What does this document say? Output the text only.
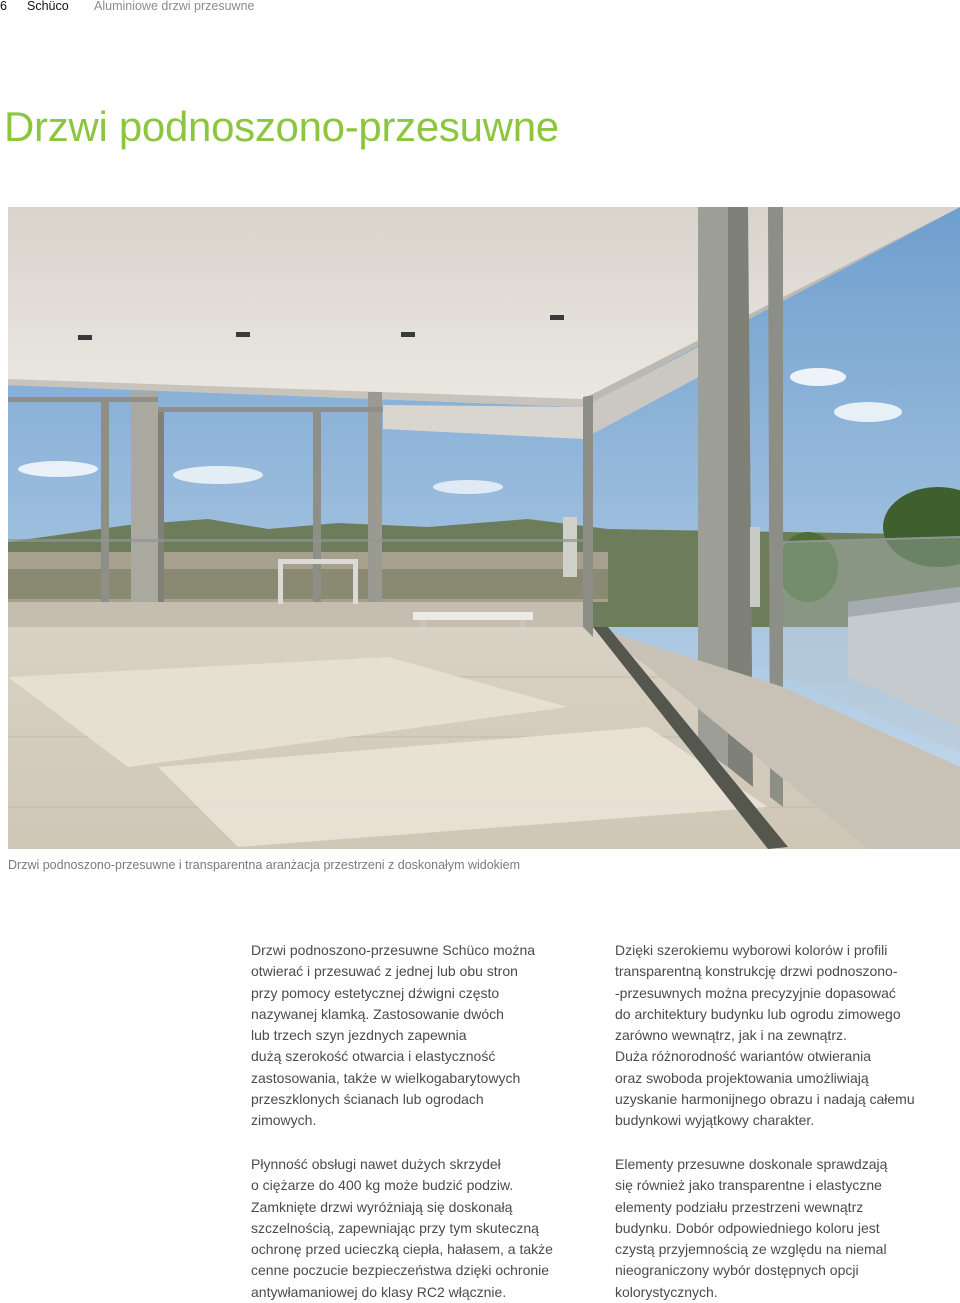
6 Schüco Aluminiowe drzwi przesuwne
Drzwi podnoszono-przesuwne
Drzwi podnoszono-przesuwne i transparentna aranżacja przestrzeni z doskonałym widokiem
Drzwi podnoszono-przesuwne Schüco można
otwierać i przesuwać z jednej lub obu stron
przy pomocy estetycznej dźwigni często
nazywanej klamką. Zastosowanie dwóch
lub trzech szyn jezdnych zapewnia
dużą szerokość otwarcia i elastyczność
zastosowania, także w wielkogabarytowych
przeszklonych ścianach lub ogrodach
zimowych.
Płynność obsługi nawet dużych skrzydeł
o ciężarze do 400 kg może budzić podziw.
Zamknięte drzwi wyróżniają się doskonałą
szczelnością, zapewniając przy tym skuteczną
ochronę przed ucieczką ciepła, hałasem, a także
cenne poczucie bezpieczeństwa dzięki ochronie
antywłamaniowej do klasy RC2 włącznie.
Dzięki szerokiemu wyborowi kolorów i profili
transparentną konstrukcję drzwi podnoszono-
-przesuwnych można precyzyjnie dopasować
do architektury budynku lub ogrodu zimowego
zarówno wewnątrz, jak i na zewnątrz.
Duża różnorodność wariantów otwierania
oraz swoboda projektowania umożliwiają
uzyskanie harmonijnego obrazu i nadają całemu
budynkowi wyjątkowy charakter.
Elementy przesuwne doskonale sprawdzają
się również jako transparentne i elastyczne
elementy podziału przestrzeni wewnątrz
budynku. Dobór odpowiedniego koloru jest
czystą przyjemnością ze względu na niemal
nieograniczony wybór dostępnych opcji
kolorystycznych.
